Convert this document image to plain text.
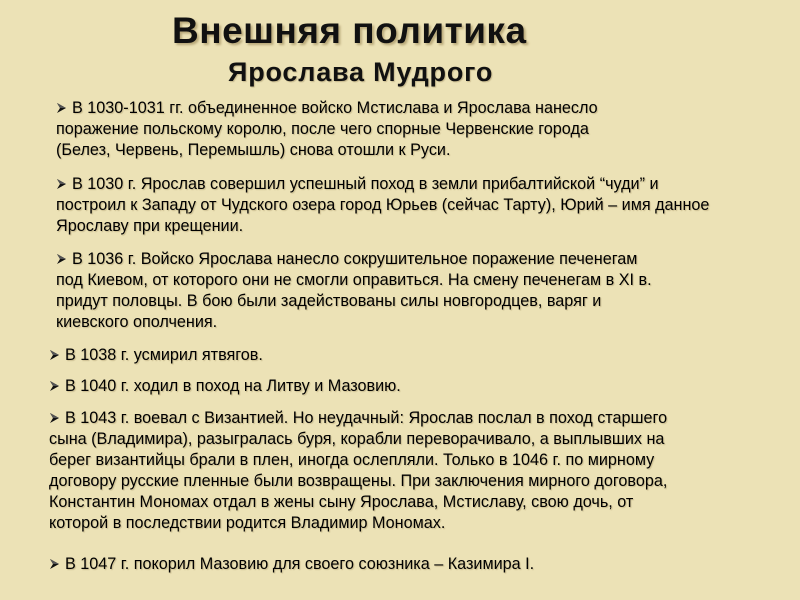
Внешняя политика
Ярослава Мудрого
В 1030-1031 гг. объединенное войско Мстислава и Ярослава нанесло
поражение польскому королю, после чего спорные Червенские города
(Белез, Червень, Перемышль) снова отошли к Руси.
В 1030 г. Ярослав совершил успешный поход в земли прибалтийской “чуди” и
построил к Западу от Чудского озера город Юрьев (сейчас Тарту), Юрий – имя данное
Ярославу при крещении.
В 1036 г. Войско Ярослава нанесло сокрушительное поражение печенегам
под Киевом, от которого они не смогли оправиться. На смену печенегам в XI в.
придут половцы. В бою были задействованы силы новгородцев, варяг и
киевского ополчения.
В 1038 г. усмирил ятвягов.
В 1040 г. ходил в поход на Литву и Мазовию.
В 1043 г. воевал с Византией. Но неудачный: Ярослав послал в поход старшего
сына (Владимира), разыгралась буря, корабли переворачивало, а выплывших на
берег византийцы брали в плен, иногда ослепляли. Только в 1046 г. по мирному
договору русские пленные были возвращены. При заключения мирного договора,
Константин Мономах отдал в жены сыну Ярослава, Мстиславу, свою дочь, от
которой в последствии родится Владимир Мономах.
В 1047 г. покорил Мазовию для своего союзника – Казимира I.
